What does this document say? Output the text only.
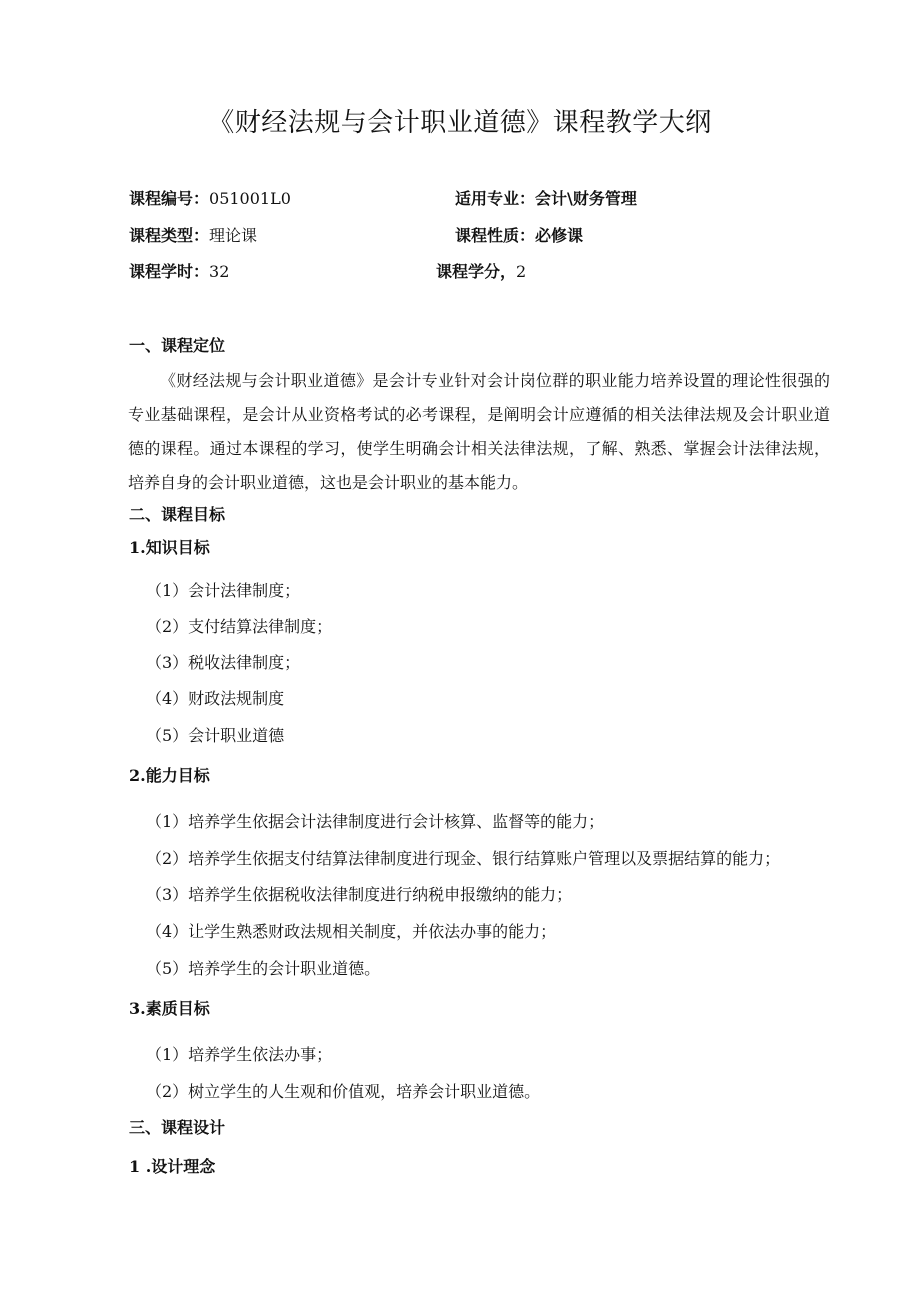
《财经法规与会计职业道德》课程教学大纲
课程编号：051001L0	适用专业：会计\财务管理
课程类型：理论课	课程性质：必修课
课程学时：32	课程学分，2
一、课程定位

《财经法规与会计职业道德》是会计专业针对会计岗位群的职业能力培养设置的理论性很强的专业基础课程，是会计从业资格考试的必考课程，是阐明会计应遵循的相关法律法规及会计职业道德的课程。通过本课程的学习，使学生明确会计相关法律法规，了解、熟悉、掌握会计法律法规，培养自身的会计职业道德，这也是会计职业的基本能力。

二、课程目标
1.知识目标
（1）会计法律制度；
（2）支付结算法律制度；
（3）税收法律制度；
（4）财政法规制度
（5）会计职业道德
2.能力目标
（1）培养学生依据会计法律制度进行会计核算、监督等的能力；
（2）培养学生依据支付结算法律制度进行现金、银行结算账户管理以及票据结算的能力；
（3）培养学生依据税收法律制度进行纳税申报缴纳的能力；
（4）让学生熟悉财政法规相关制度，并依法办事的能力；
（5）培养学生的会计职业道德。
3.素质目标
（1）培养学生依法办事；
（2）树立学生的人生观和价值观，培养会计职业道德。
三、课程设计
1 .设计理念
